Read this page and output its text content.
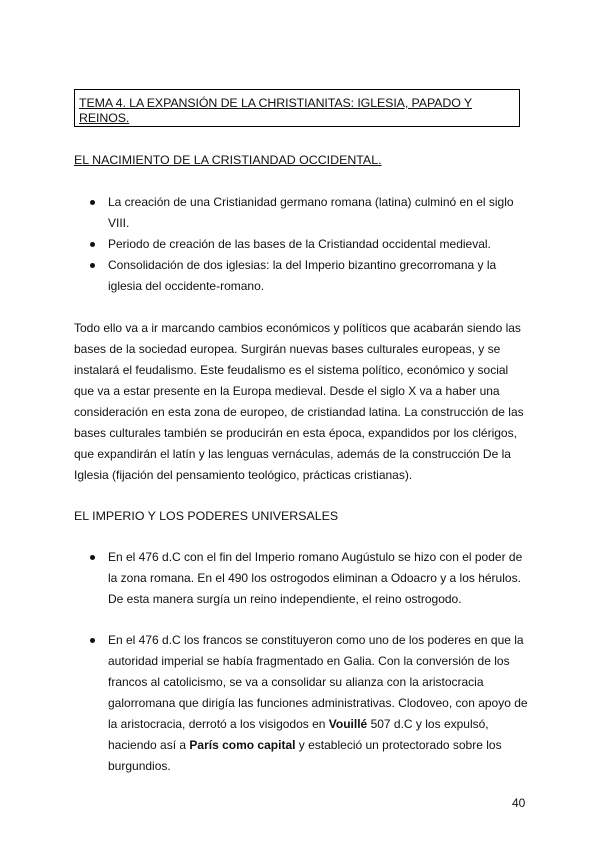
TEMA 4. LA EXPANSIÓN DE LA CHRISTIANITAS: IGLESIA, PAPADO Y REINOS.
EL NACIMIENTO DE LA CRISTIANDAD OCCIDENTAL.
La creación de una Cristianidad germano romana (latina) culminó en el siglo VIII.
Periodo de creación de las bases de la Cristiandad occidental medieval.
Consolidación de dos iglesias: la del Imperio bizantino grecorromana y la iglesia del occidente-romano.

Todo ello va a ir marcando cambios económicos y políticos que acabarán siendo las bases de la sociedad europea. Surgirán nuevas bases culturales europeas, y se instalará el feudalismo. Este feudalismo es el sistema político, económico y social que va a estar presente en la Europa medieval. Desde el siglo X va a haber una consideración en esta zona de europeo, de cristiandad latina. La construcción de las bases culturales también se producirán en esta época, expandidos por los clérigos, que expandirán el latín y las lenguas vernáculas, además de la construcción De la Iglesia (fijación del pensamiento teológico, prácticas cristianas).

EL IMPERIO Y LOS PODERES UNIVERSALES
En el 476 d.C con el fin del Imperio romano Augústulo se hizo con el poder de la zona romana. En el 490 los ostrogodos eliminan a Odoacro y a los hérulos. De esta manera surgía un reino independiente, el reino ostrogodo.
En el 476 d.C los francos se constituyeron como uno de los poderes en que la autoridad imperial se había fragmentado en Galia. Con la conversión de los francos al catolicismo, se va a consolidar su alianza con la aristocracia galorromana que dirigía las funciones administrativas. Clodoveo, con apoyo de la aristocracia, derrotó a los visigodos en Vouillé 507 d.C y los expulsó, haciendo así a París como capital y estableció un protectorado sobre los burgundios.
40
